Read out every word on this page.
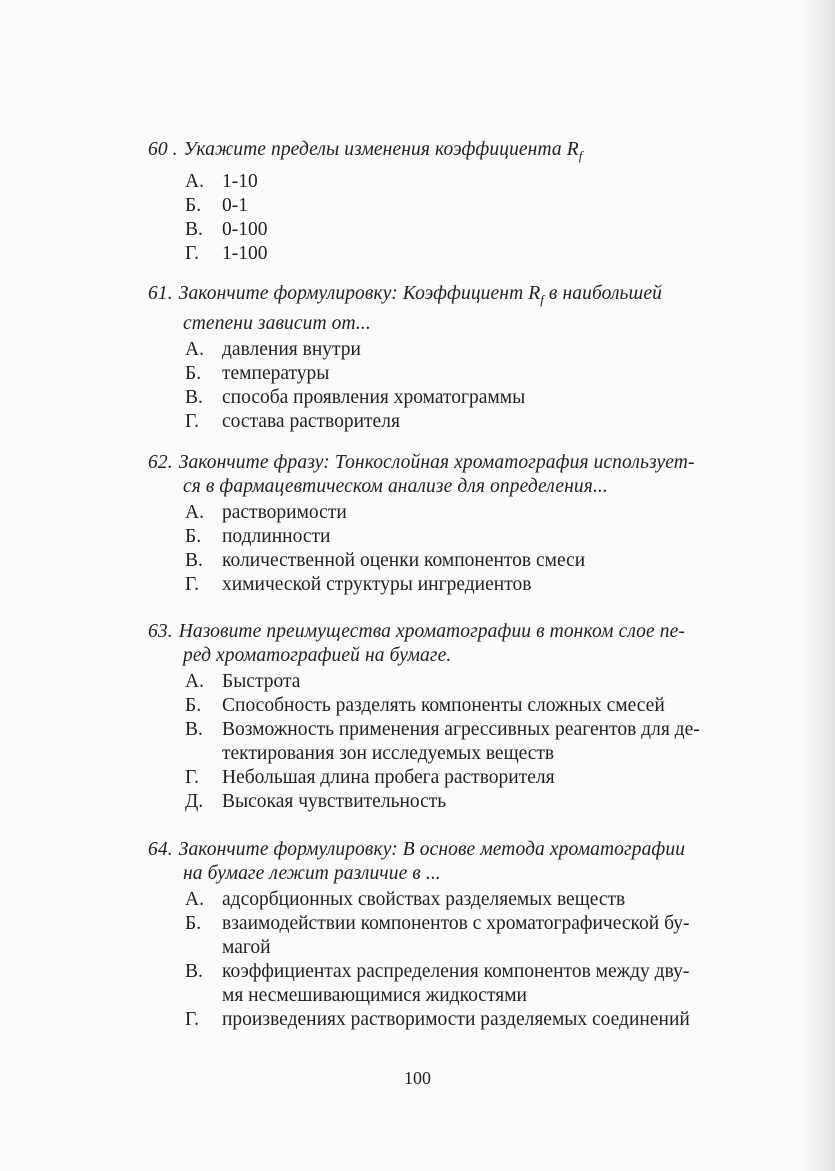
60 . Укажите пределы изменения коэффициента $R_f$
А. 1-10
Б. 0-1
В. 0-100
Г. 1-100
61. Закончите формулировку: Коэффициент $R_f$ в наибольшей
степени зависит от...
А. давления внутри
Б. температуры
В. способа проявления хроматограммы
Г. состава растворителя
62. Закончите фразу: Тонкослойная хроматография использует-
ся в фармацевтическом анализе для определения...
А. растворимости
Б. подлинности
В. количественной оценки компонентов смеси
Г. химической структуры ингредиентов
63. Назовите преимущества хроматографии в тонком слое пе-
ред хроматографией на бумаге.
А. Быстрота
Б. Способность разделять компоненты сложных смесей
В. Возможность применения агрессивных реагентов для де-
тектирования зон исследуемых веществ
Г. Небольшая длина пробега растворителя
Д. Высокая чувствительность
64. Закончите формулировку: В основе метода хроматографии
на бумаге лежит различие в ...
А. адсорбционных свойствах разделяемых веществ
Б. взаимодействии компонентов с хроматографической бу-
магой
В. коэффициентах распределения компонентов между дву-
мя несмешивающимися жидкостями
Г. произведениях растворимости разделяемых соединений
100
